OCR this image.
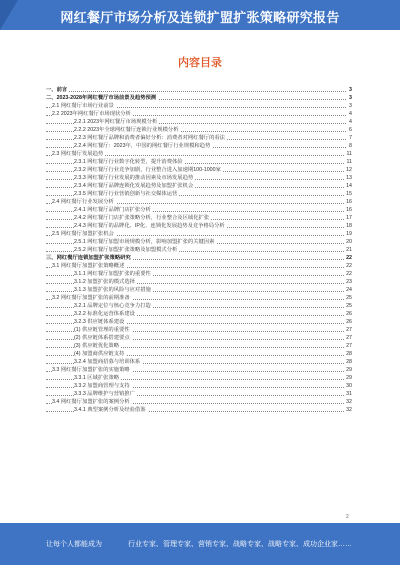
网红餐厅市场分析及连锁扩盟扩张策略研究报告
内容目录
一、前言	3
二、2023-2028年网红餐厅市场前景及趋势预测	3
2.1 网红餐厅市场行业前景	3
2.2 2023年网红餐厅市场现状分析	4
2.2.1 2023年网红餐厅市场规模分析	4
2.2.2 2023年全球网红餐厅连锁行业规模分析	6
2.2.3 网红餐厅品牌和消费者偏好分析：消费者对网红餐厅的看法	7
2.2.4 网红餐厅：2023年，中国的网红餐厅行业规模和趋势	8
2.3 网红餐厅发展趋势	11
2.3.1 网红餐厅行业数字化转型，提升消费体验	11
2.3.2 网红餐厅行业竞争加剧，行业整合进入加速期100-1000家	12
2.3.3 网红餐厅行业发展的推动因素及市场发展趋势	13
2.3.4 网红餐厅品牌连锁化发展趋势及加盟扩张机会	14
2.3.5 网红餐厅行业营销创新与社交媒体运营	15
2.4 网红餐厅行业发展分析	16
2.4.1 网红餐厅品牌门店扩张分析	16
2.4.2 网红餐厅门店扩张策略分析，行业整合及区域化扩张	17
2.4.3 网红餐厅的品牌化、IP化、连锁化发展趋势及竞争格局分析	18
2.5 网红餐厅加盟扩张机会	19
2.5.1 网红餐厅加盟市场规模分析，影响加盟扩张的关键因素	20
2.5.2 网红餐厅加盟扩张策略及加盟模式分析	21
三、网红餐厅连锁加盟扩张策略研究	22
3.1 网红餐厅加盟扩张策略概述	22
3.1.1 网红餐厅加盟扩张的重要性	22
3.1.2 加盟扩张的模式选择	23
3.1.3 加盟扩张的风险与应对措施	24
3.2 网红餐厅加盟扩张的前期准备	25
3.2.1 品牌定位与核心竞争力打造	25
3.2.2 标准化运营体系建设	26
3.2.3 供应链体系建设	26
(1) 供应链管理的重要性	27
(2) 供应链体系搭建要点	27
(3) 供应链优化策略	27
(4) 加盟商供应链支持	28
3.2.4 加盟商招募与培训体系	28
3.3 网红餐厅加盟扩张的实施策略	29
3.3.1 区域扩张策略	29
3.3.2 加盟商管理与支持	30
3.3.3 品牌维护与营销推广	31
3.4 网红餐厅加盟扩张的案例分析	32
3.4.1 典型案例分析及经验借鉴	32
2
让每个人都能成为	行业专家、管理专家、营销专家、战略专家、战略专家、成功企业家……
